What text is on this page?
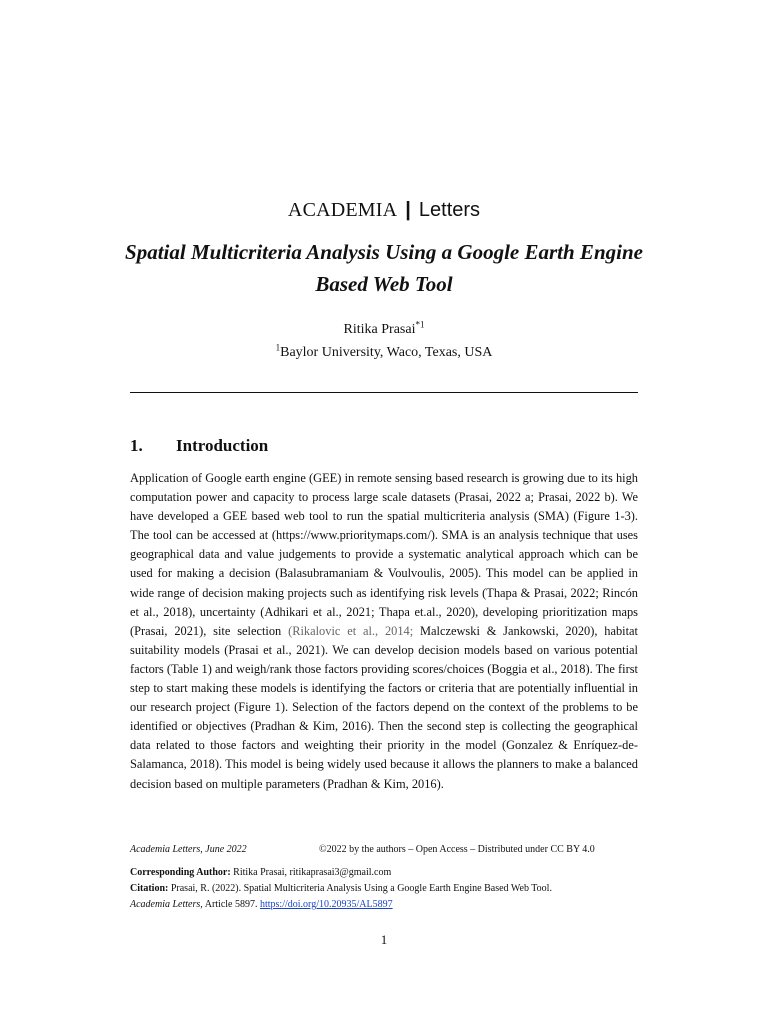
ACADEMIA | Letters
Spatial Multicriteria Analysis Using a Google Earth Engine Based Web Tool
Ritika Prasai$^{*1}$
$^1$Baylor University, Waco, Texas, USA
1. Introduction

Application of Google earth engine (GEE) in remote sensing based research is growing due to its high computation power and capacity to process large scale datasets (Prasai, 2022 a; Prasai, 2022 b). We have developed a GEE based web tool to run the spatial multicriteria analysis (SMA) (Figure 1-3). The tool can be accessed at (https://www.prioritymaps.com/). SMA is an analysis technique that uses geographical data and value judgements to provide a systematic analytical approach which can be used for making a decision (Balasubramaniam & Voulvoulis, 2005). This model can be applied in wide range of decision making projects such as identifying risk levels (Thapa & Prasai, 2022; Rincón et al., 2018), uncertainty (Adhikari et al., 2021; Thapa et.al., 2020), developing prioritization maps (Prasai, 2021), site selection (Rikalovic et al., 2014; Malczewski & Jankowski, 2020), habitat suitability models (Prasai et al., 2021). We can develop decision models based on various potential factors (Table 1) and weigh/rank those factors providing scores/choices (Boggia et al., 2018). The first step to start making these models is identifying the factors or criteria that are potentially influential in our research project (Figure 1). Selection of the factors depend on the context of the problems to be identified or objectives (Pradhan & Kim, 2016). Then the second step is collecting the geographical data related to those factors and weighting their priority in the model (Gonzalez & Enríquez-de-Salamanca, 2018). This model is being widely used because it allows the planners to make a balanced decision based on multiple parameters (Pradhan & Kim, 2016).

Academia Letters, June 2022	©2022 by the authors – Open Access – Distributed under CC BY 4.0
Corresponding Author: Ritika Prasai, ritikaprasai3@gmail.com
Citation: Prasai, R. (2022). Spatial Multicriteria Analysis Using a Google Earth Engine Based Web Tool.
Academia Letters, Article 5897. https://doi.org/10.20935/AL5897
1
